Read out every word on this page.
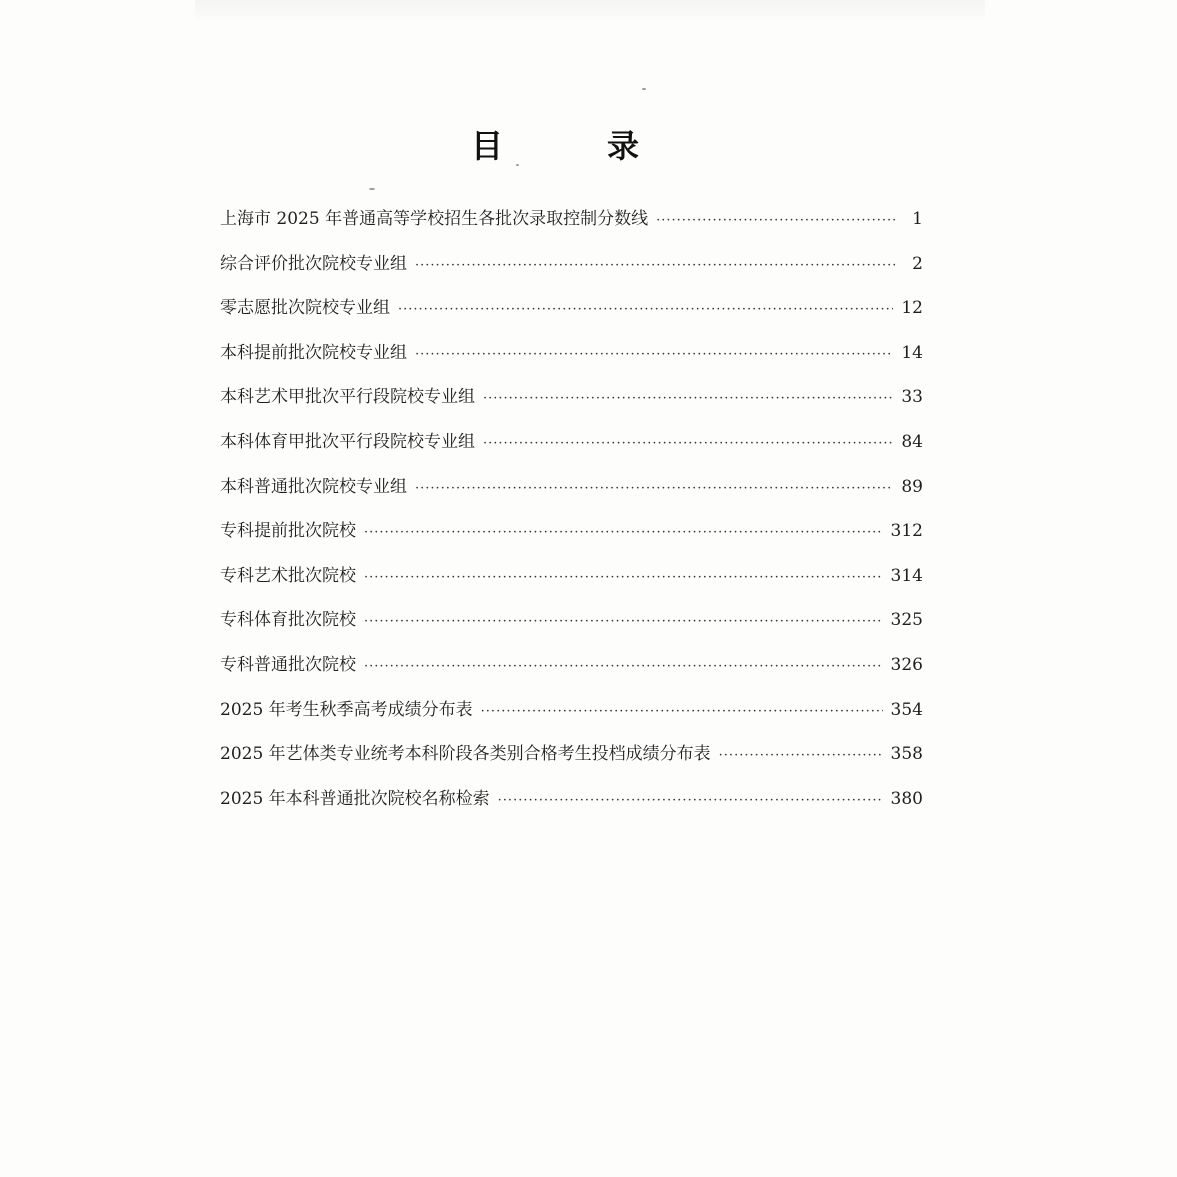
目　录
上海市 2025 年普通高等学校招生各批次录取控制分数线 ·····	1
综合评价批次院校专业组 ·····	2
零志愿批次院校专业组 ·····	12
本科提前批次院校专业组 ·····	14
本科艺术甲批次平行段院校专业组 ·····	33
本科体育甲批次平行段院校专业组 ·····	84
本科普通批次院校专业组 ·····	89
专科提前批次院校 ·····	312
专科艺术批次院校 ·····	314
专科体育批次院校 ·····	325
专科普通批次院校 ·····	326
2025 年考生秋季高考成绩分布表 ·····	354
2025 年艺体类专业统考本科阶段各类别合格考生投档成绩分布表 ·····	358
2025 年本科普通批次院校名称检索 ·····	380
